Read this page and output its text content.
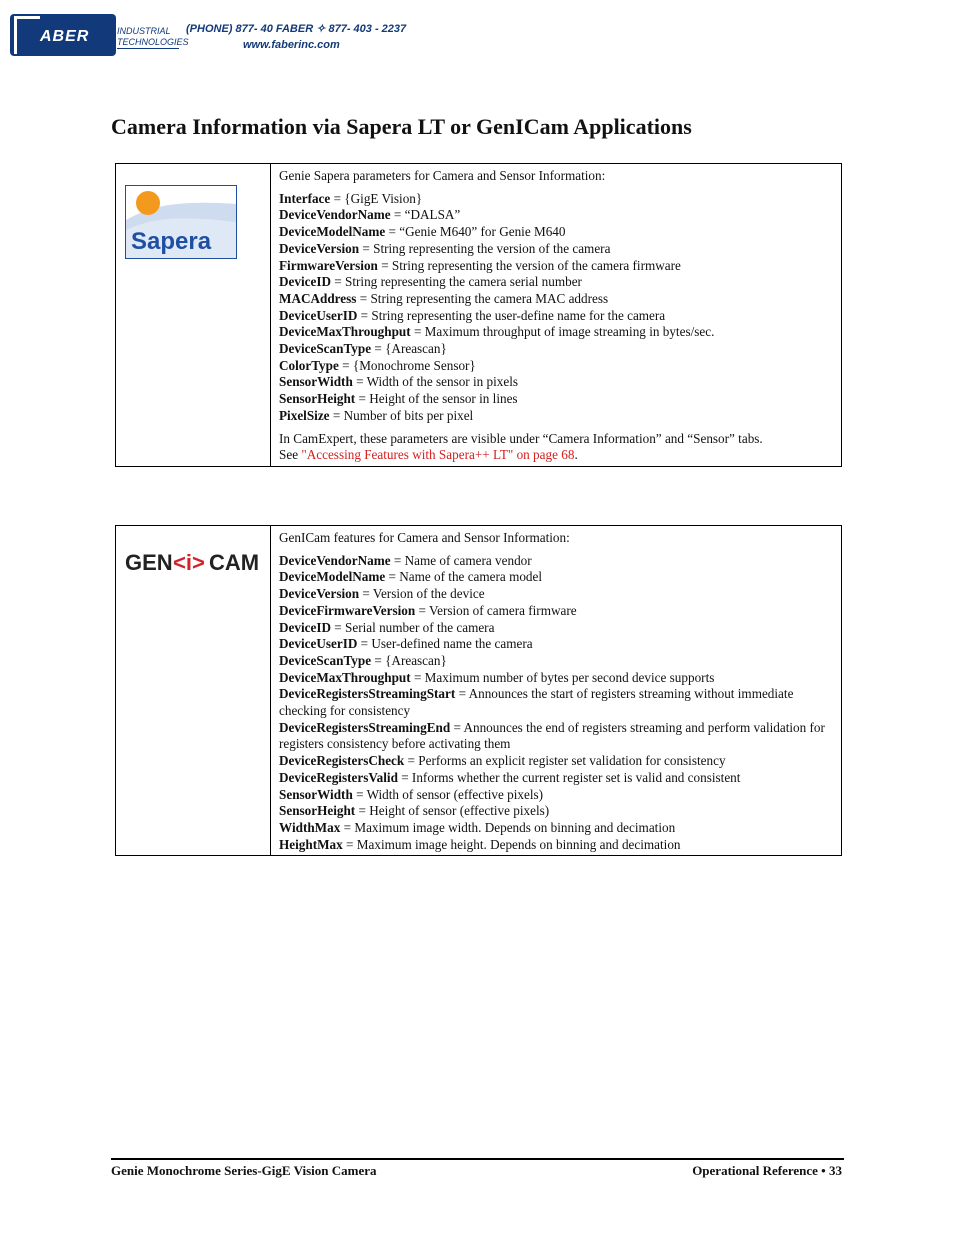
ABER	INDUSTRIAL
TECHNOLOGIES
(PHONE) 877- 40 FABER ✧ 877- 403 - 2237
www.faberinc.com
Camera Information via Sapera LT or GenICam Applications
Sapera

Genie Sapera parameters for Camera and Sensor Information:

Interface = {GigE Vision}

DeviceVendorName = “DALSA”

DeviceModelName = “Genie M640” for Genie M640

DeviceVersion = String representing the version of the camera

FirmwareVersion = String representing the version of the camera firmware

DeviceID = String representing the camera serial number

MACAddress = String representing the camera MAC address

DeviceUserID = String representing the user-define name for the camera

DeviceMaxThroughput = Maximum throughput of image streaming in bytes/sec.

DeviceScanType = {Areascan}

ColorType = {Monochrome Sensor}

SensorWidth = Width of the sensor in pixels

SensorHeight = Height of the sensor in lines

PixelSize = Number of bits per pixel

In CamExpert, these parameters are visible under “Camera Information” and “Sensor” tabs.
See "Accessing Features with Sapera++ LT" on page 68.

GEN <i> CAM

GenICam features for Camera and Sensor Information:

DeviceVendorName = Name of camera vendor

DeviceModelName = Name of the camera model

DeviceVersion = Version of the device

DeviceFirmwareVersion = Version of camera firmware

DeviceID = Serial number of the camera

DeviceUserID = User-defined name the camera

DeviceScanType = {Areascan}

DeviceMaxThroughput = Maximum number of bytes per second device supports

DeviceRegistersStreamingStart = Announces the start of registers streaming without immediate checking for consistency

DeviceRegistersStreamingEnd = Announces the end of registers streaming and perform validation for registers consistency before activating them

DeviceRegistersCheck = Performs an explicit register set validation for consistency

DeviceRegistersValid = Informs whether the current register set is valid and consistent

SensorWidth = Width of sensor (effective pixels)

SensorHeight = Height of sensor (effective pixels)

WidthMax = Maximum image width. Depends on binning and decimation

HeightMax = Maximum image height. Depends on binning and decimation

Genie Monochrome Series-GigE Vision Camera	Operational Reference • 33
